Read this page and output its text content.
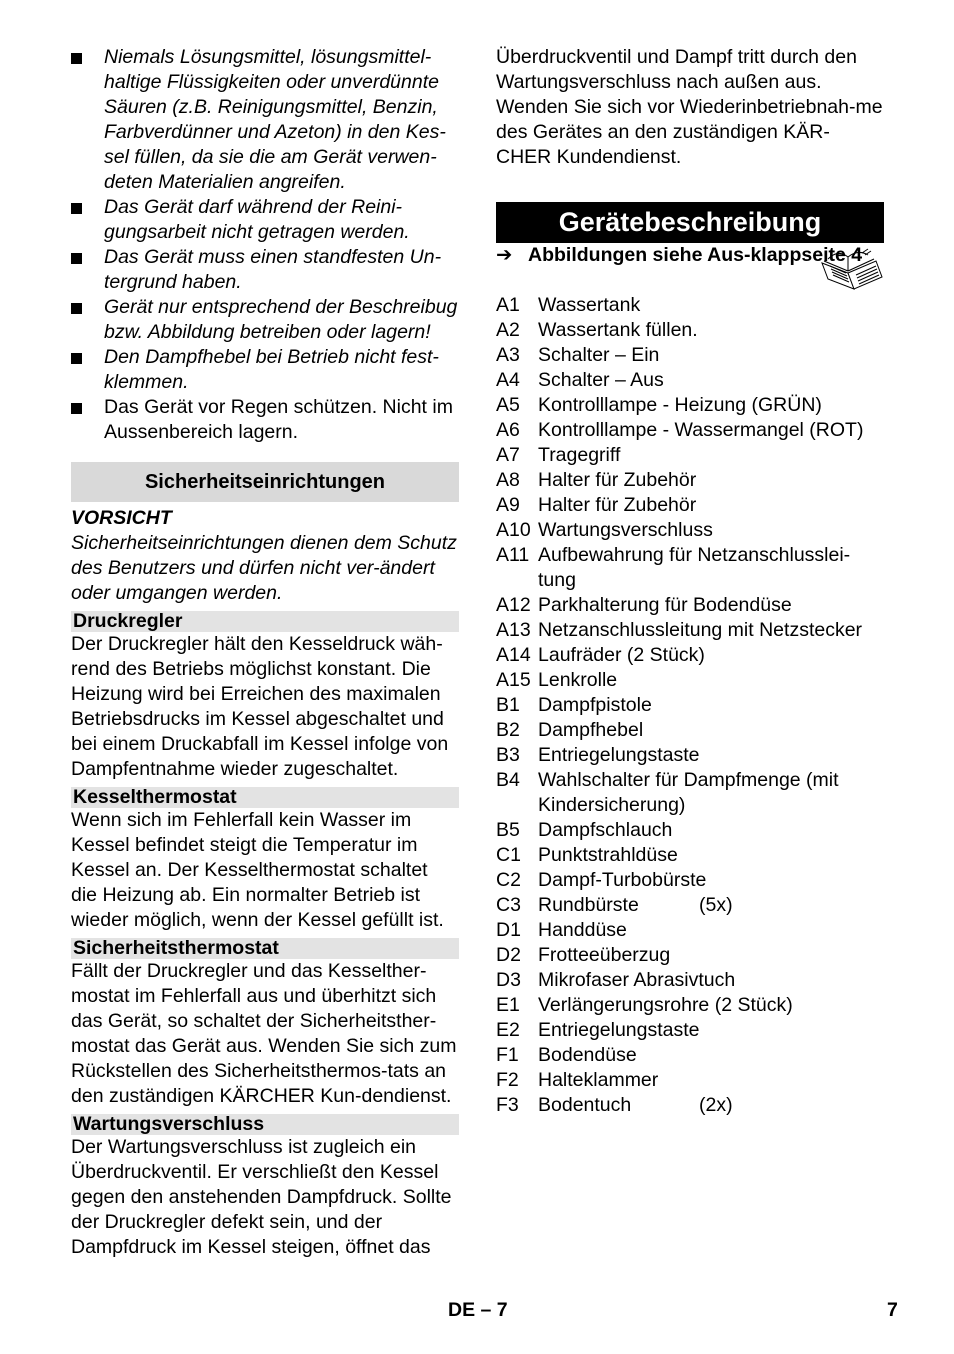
Niemals Lösungsmittel, lösungsmittel-haltige Flüssigkeiten oder unverdünnte Säuren (z.B. Reinigungsmittel, Benzin, Farbverdünner und Azeton) in den Kes-sel füllen, da sie die am Gerät verwen-deten Materialien angreifen.
Das Gerät darf während der Reini-gungsarbeit nicht getragen werden.
Das Gerät muss einen standfesten Un-tergrund haben.
Gerät nur entsprechend der Beschreibug bzw. Abbildung betreiben oder lagern!
Den Dampfhebel bei Betrieb nicht fest-klemmen.
Das Gerät vor Regen schützen. Nicht im Aussenbereich lagern.
Sicherheitseinrichtungen
VORSICHT

Sicherheitseinrichtungen dienen dem Schutz des Benutzers und dürfen nicht ver-ändert oder umgangen werden.

Druckregler

Der Druckregler hält den Kesseldruck wäh-rend des Betriebs möglichst konstant. Die Heizung wird bei Erreichen des maximalen Betriebsdrucks im Kessel abgeschaltet und bei einem Druckabfall im Kessel infolge von Dampfentnahme wieder zugeschaltet.

Kesselthermostat

Wenn sich im Fehlerfall kein Wasser im Kessel befindet steigt die Temperatur im Kessel an. Der Kesselthermostat schaltet die Heizung ab. Ein normalter Betrieb ist wieder möglich, wenn der Kessel gefüllt ist.

Sicherheitsthermostat

Fällt der Druckregler und das Kesselther-mostat im Fehlerfall aus und überhitzt sich das Gerät, so schaltet der Sicherheitsther-mostat das Gerät aus. Wenden Sie sich zum Rückstellen des Sicherheitsthermos-tats an den zuständigen KÄRCHER Kun-dendienst.

Wartungsverschluss

Der Wartungsverschluss ist zugleich ein Überdruckventil. Er verschließt den Kessel gegen den anstehenden Dampfdruck. Sollte der Druckregler defekt sein, und der Dampfdruck im Kessel steigen, öffnet das

Überdruckventil und Dampf tritt durch den Wartungsverschluss nach außen aus. Wenden Sie sich vor Wiederinbetriebnah-me des Gerätes an den zuständigen KÄR-CHER Kundendienst.

Gerätebeschreibung
➔ Abbildungen siehe Aus-klappseite 4
A1 Wassertank
A2 Wassertank füllen.
A3 Schalter – Ein
A4 Schalter – Aus
A5 Kontrolllampe - Heizung (GRÜN)
A6 Kontrolllampe - Wassermangel (ROT)
A7 Tragegriff
A8 Halter für Zubehör
A9 Halter für Zubehör
A10 Wartungsverschluss
A11 Aufbewahrung für Netzanschlusslei-tung
A12 Parkhalterung für Bodendüse
A13 Netzanschlussleitung mit Netzstecker
A14 Laufräder (2 Stück)
A15 Lenkrolle
B1 Dampfpistole
B2 Dampfhebel
B3 Entriegelungstaste
B4 Wahlschalter für Dampfmenge (mit Kindersicherung)
B5 Dampfschlauch
C1 Punktstrahldüse
C2 Dampf-Turbobürste
C3 Rundbürste	(5x)
D1 Handdüse
D2 Frotteeüberzug
D3 Mikrofaser Abrasivtuch
E1 Verlängerungsrohre (2 Stück)
E2 Entriegelungstaste
F1 Bodendüse
F2 Halteklammer
F3 Bodentuch	(2x)
DE – 7	7
